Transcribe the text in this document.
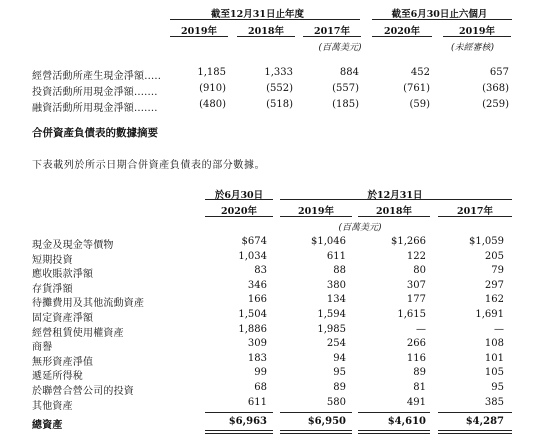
截至12月31日止年度	截至6月30日止六個月
2019年	2018年	2017年	2020年	2019年
(百萬美元)	(未經審核)
經營活動所產生現金淨額.....	1,185	1,333	884	452	657
投資活動所用現金淨額.......	(910)	(552)	(557)	(761)	(368)
融資活動所用現金淨額.......	(480)	(518)	(185)	(59)	(259)
合併資產負債表的數據摘要
下表載列於所示日期合併資產負債表的部分數據。
於6月30日	於12月31日
2020年	2019年	2018年	2017年
(百萬美元)
現金及現金等價物	$674	$1,046	$1,266	$1,059
短期投資	1,034	611	122	205
應收賬款淨額	83	88	80	79
存貨淨額	346	380	307	297
待攤費用及其他流動資產	166	134	177	162
固定資產淨額	1,504	1,594	1,615	1,691
經營租賃使用權資產	1,886	1,985	—	—
商譽	309	254	266	108
無形資產淨值	183	94	116	101
遞延所得稅	99	95	89	105
於聯營合營公司的投資	68	89	81	95
其他資產	611	580	491	385
總資產	$6,963	$6,950	$4,610	$4,287
